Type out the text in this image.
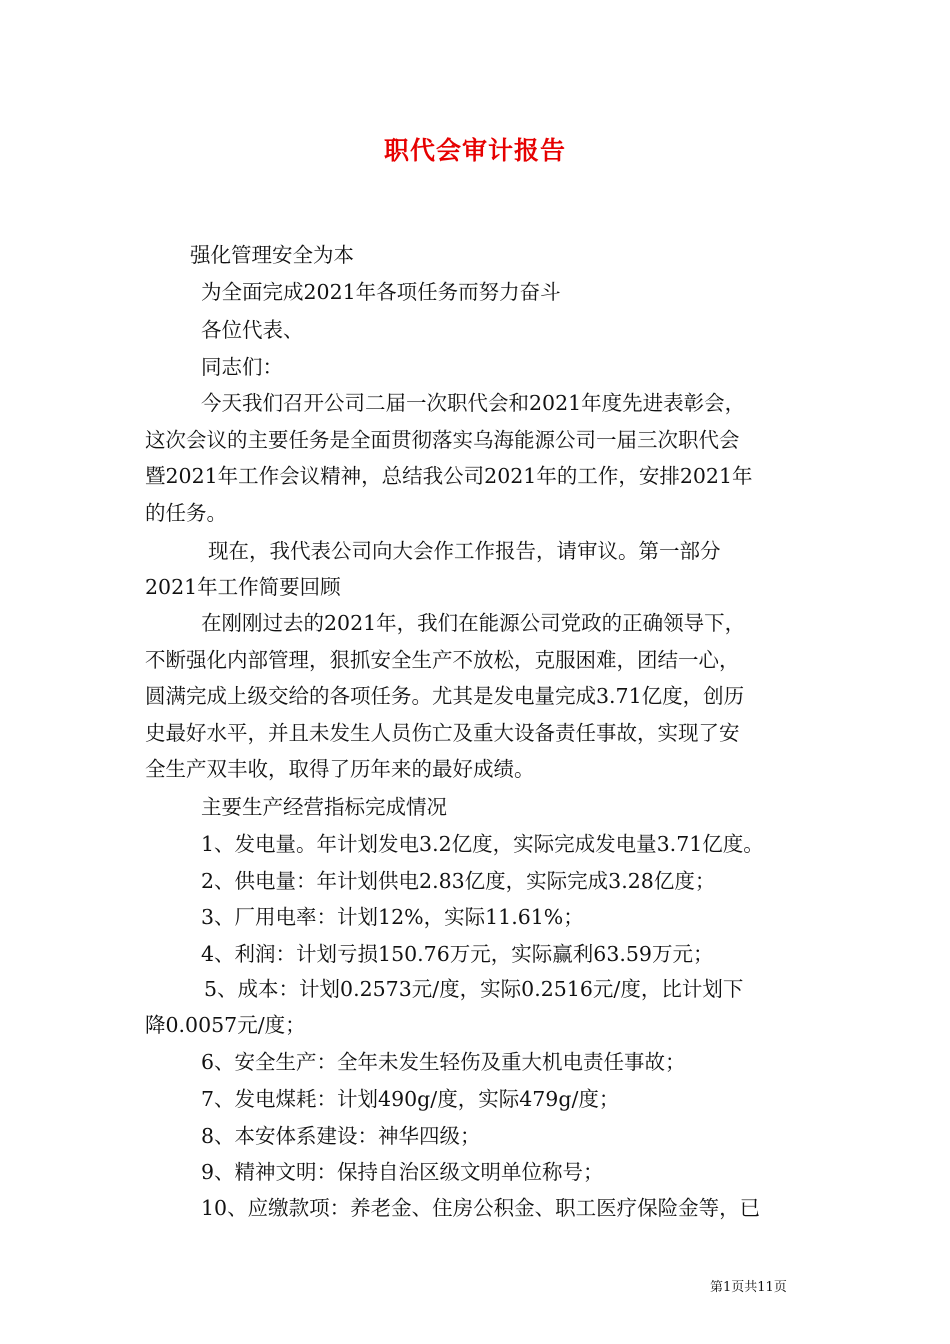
职代会审计报告
强化管理安全为本
为全面完成2021年各项任务而努力奋斗
各位代表、
同志们：
今天我们召开公司二届一次职代会和2021年度先进表彰会，
这次会议的主要任务是全面贯彻落实乌海能源公司一届三次职代会
暨2021年工作会议精神，总结我公司2021年的工作，安排2021年
的任务。
现在，我代表公司向大会作工作报告，请审议。第一部分
2021年工作简要回顾
在刚刚过去的2021年，我们在能源公司党政的正确领导下，
不断强化内部管理，狠抓安全生产不放松，克服困难，团结一心，
圆满完成上级交给的各项任务。尤其是发电量完成3.71亿度，创历
史最好水平，并且未发生人员伤亡及重大设备责任事故，实现了安
全生产双丰收，取得了历年来的最好成绩。
主要生产经营指标完成情况
1、发电量。年计划发电3.2亿度，实际完成发电量3.71亿度。
2、供电量：年计划供电2.83亿度，实际完成3.28亿度；
3、厂用电率：计划12%，实际11.61%；
4、利润：计划亏损150.76万元，实际赢利63.59万元；
5、成本：计划0.2573元/度，实际0.2516元/度，比计划下
降0.0057元/度；
6、安全生产：全年未发生轻伤及重大机电责任事故；
7、发电煤耗：计划490g/度，实际479g/度；
8、本安体系建设：神华四级；
9、精神文明：保持自治区级文明单位称号；
10、应缴款项：养老金、住房公积金、职工医疗保险金等，已
第1页共11页
